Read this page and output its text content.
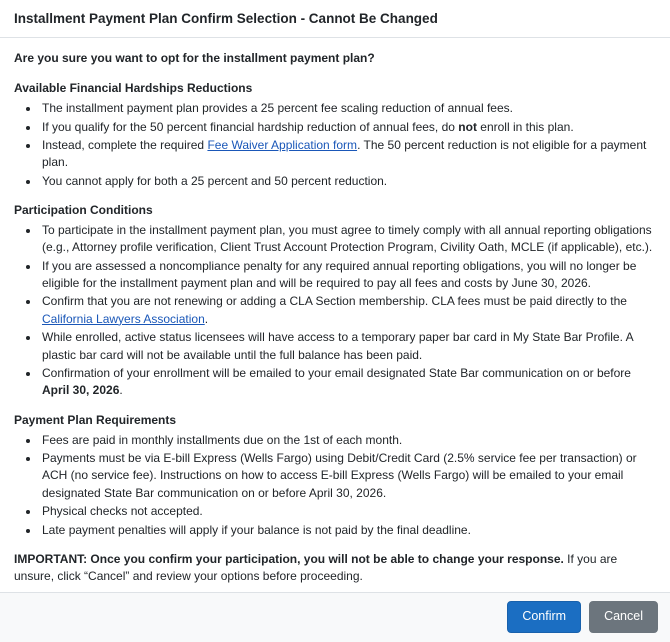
Installment Payment Plan Confirm Selection - Cannot Be Changed

Are you sure you want to opt for the installment payment plan?

Available Financial Hardships Reductions
• The installment payment plan provides a 25 percent fee scaling reduction of annual fees.
• If you qualify for the 50 percent financial hardship reduction of annual fees, do not enroll in this plan.
• Instead, complete the required Fee Waiver Application form. The 50 percent reduction is not eligible for a payment plan.
• You cannot apply for both a 25 percent and 50 percent reduction.
Participation Conditions
• To participate in the installment payment plan, you must agree to timely comply with all annual reporting obligations (e.g., Attorney profile verification, Client Trust Account Protection Program, Civility Oath, MCLE (if applicable), etc.).
• If you are assessed a noncompliance penalty for any required annual reporting obligations, you will no longer be eligible for the installment payment plan and will be required to pay all fees and costs by June 30, 2026.
• Confirm that you are not renewing or adding a CLA Section membership. CLA fees must be paid directly to the California Lawyers Association.
• While enrolled, active status licensees will have access to a temporary paper bar card in My State Bar Profile. A plastic bar card will not be available until the full balance has been paid.
• Confirmation of your enrollment will be emailed to your email designated State Bar communication on or before April 30, 2026.
Payment Plan Requirements
• Fees are paid in monthly installments due on the 1st of each month.
• Payments must be via E-bill Express (Wells Fargo) using Debit/Credit Card (2.5% service fee per transaction) or ACH (no service fee). Instructions on how to access E-bill Express (Wells Fargo) will be emailed to your email designated State Bar communication on or before April 30, 2026.
• Physical checks not accepted.
• Late payment penalties will apply if your balance is not paid by the final deadline.

IMPORTANT: Once you confirm your participation, you will not be able to change your response. If you are unsure, click “Cancel” and review your options before proceeding.

Confirm	Cancel
